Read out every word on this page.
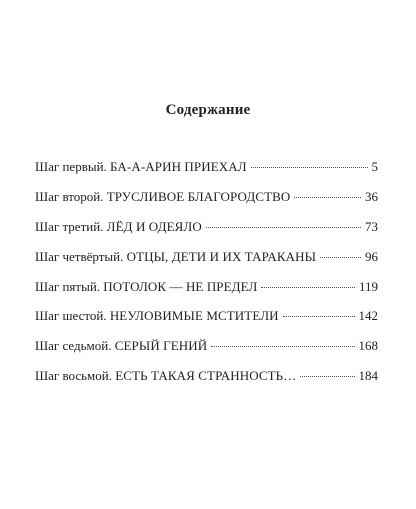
Содержание
Шаг первый. БА-А-АРИН ПРИЕХАЛ	5
Шаг второй. ТРУСЛИВОЕ БЛАГОРОДСТВО	36
Шаг третий. ЛЁД И ОДЕЯЛО	73
Шаг четвёртый. ОТЦЫ, ДЕТИ И ИХ ТАРАКАНЫ	96
Шаг пятый. ПОТОЛОК — НЕ ПРЕДЕЛ	119
Шаг шестой. НЕУЛОВИМЫЕ МСТИТЕЛИ	142
Шаг седьмой. СЕРЫЙ ГЕНИЙ	168
Шаг восьмой. ЕСТЬ ТАКАЯ СТРАННОСТЬ…	184
